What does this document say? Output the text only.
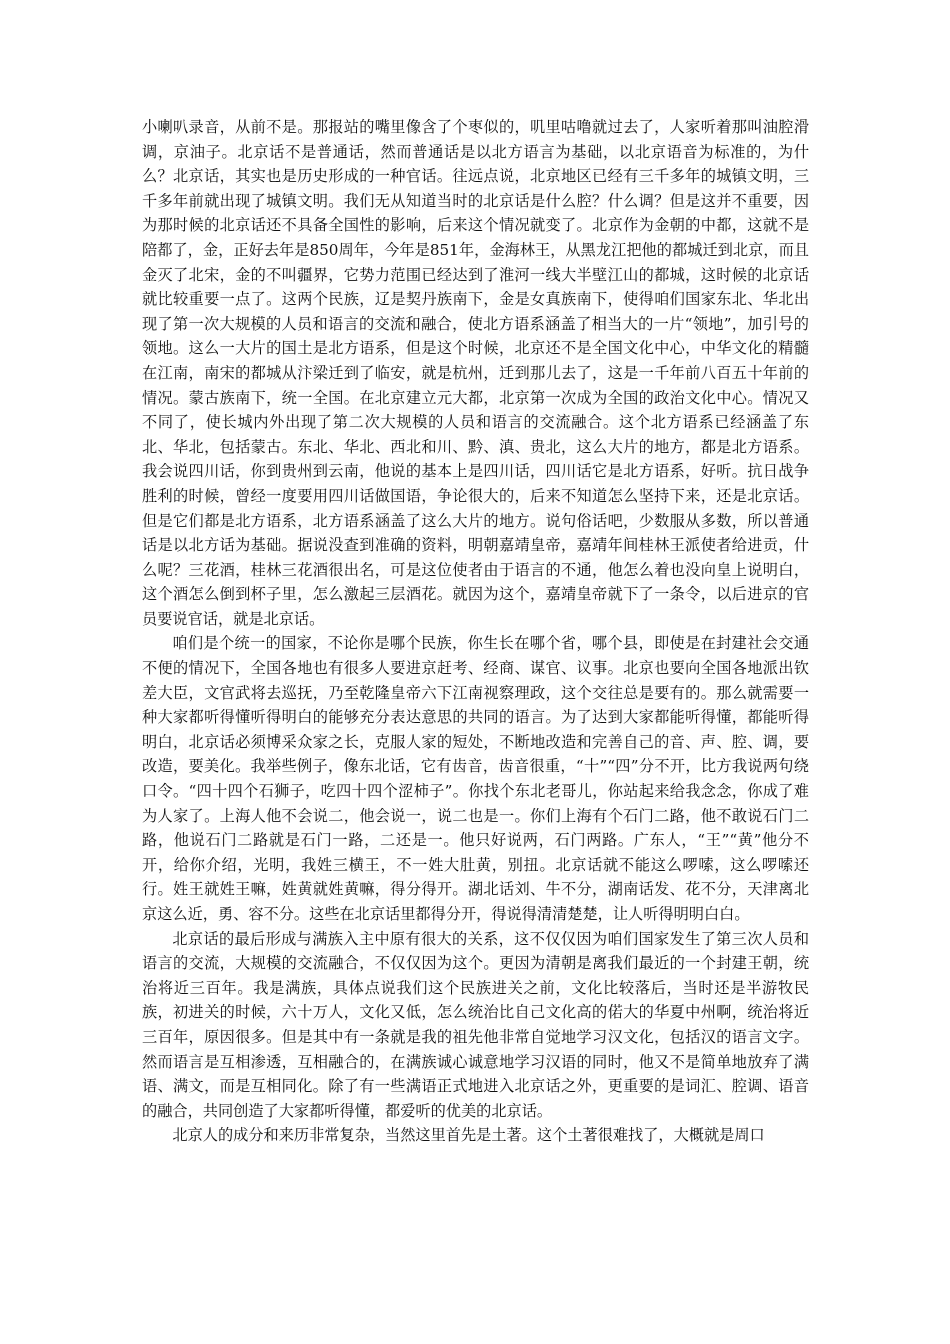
小喇叭录音，从前不是。那报站的嘴里像含了个枣似的，叽里咕噜就过去了，人家听着那叫油腔滑调，京油子。北京话不是普通话，然而普通话是以北方语言为基础，以北京语音为标准的，为什么？北京话，其实也是历史形成的一种官话。往远点说，北京地区已经有三千多年的城镇文明，三千多年前就出现了城镇文明。我们无从知道当时的北京话是什么腔？什么调？但是这并不重要，因为那时候的北京话还不具备全国性的影响，后来这个情况就变了。北京作为金朝的中都，这就不是陪都了，金，正好去年是850周年，今年是851年，金海林王，从黑龙江把他的都城迁到北京，而且金灭了北宋，金的不叫疆界，它势力范围已经达到了淮河一线大半壁江山的都城，这时候的北京话就比较重要一点了。这两个民族，辽是契丹族南下，金是女真族南下，使得咱们国家东北、华北出现了第一次大规模的人员和语言的交流和融合，使北方语系涵盖了相当大的一片“领地”，加引号的领地。这么一大片的国土是北方语系，但是这个时候，北京还不是全国文化中心，中华文化的精髓在江南，南宋的都城从汴梁迁到了临安，就是杭州，迁到那儿去了，这是一千年前八百五十年前的情况。蒙古族南下，统一全国。在北京建立元大都，北京第一次成为全国的政治文化中心。情况又不同了，使长城内外出现了第二次大规模的人员和语言的交流融合。这个北方语系已经涵盖了东北、华北，包括蒙古。东北、华北、西北和川、黔、滇、贵北，这么大片的地方，都是北方语系。我会说四川话，你到贵州到云南，他说的基本上是四川话，四川话它是北方语系，好听。抗日战争胜利的时候，曾经一度要用四川话做国语，争论很大的，后来不知道怎么坚持下来，还是北京话。但是它们都是北方语系，北方语系涵盖了这么大片的地方。说句俗话吧，少数服从多数，所以普通话是以北方话为基础。据说没查到准确的资料，明朝嘉靖皇帝，嘉靖年间桂林王派使者给进贡，什么呢？三花酒，桂林三花酒很出名，可是这位使者由于语言的不通，他怎么着也没向皇上说明白，这个酒怎么倒到杯子里，怎么激起三层酒花。就因为这个，嘉靖皇帝就下了一条令，以后进京的官员要说官话，就是北京话。

咱们是个统一的国家，不论你是哪个民族，你生长在哪个省，哪个县，即使是在封建社会交通不便的情况下，全国各地也有很多人要进京赶考、经商、谋官、议事。北京也要向全国各地派出钦差大臣，文官武将去巡抚，乃至乾隆皇帝六下江南视察理政，这个交往总是要有的。那么就需要一种大家都听得懂听得明白的能够充分表达意思的共同的语言。为了达到大家都能听得懂，都能听得明白，北京话必须博采众家之长，克服人家的短处，不断地改造和完善自己的音、声、腔、调，要改造，要美化。我举些例子，像东北话，它有齿音，齿音很重，“十”“四”分不开，比方我说两句绕口令。“四十四个石狮子，吃四十四个涩柿子”。你找个东北老哥儿，你站起来给我念念，你成了难为人家了。上海人他不会说二，他会说一，说二也是一。你们上海有个石门二路，他不敢说石门二路，他说石门二路就是石门一路，二还是一。他只好说两，石门两路。广东人，“王”“黄”他分不开，给你介绍，光明，我姓三横王，不一姓大肚黄，别扭。北京话就不能这么啰嗦，这么啰嗦还行。姓王就姓王嘛，姓黄就姓黄嘛，得分得开。湖北话刘、牛不分，湖南话发、花不分，天津离北京这么近，勇、容不分。这些在北京话里都得分开，得说得清清楚楚，让人听得明明白白。

北京话的最后形成与满族入主中原有很大的关系，这不仅仅因为咱们国家发生了第三次人员和语言的交流，大规模的交流融合，不仅仅因为这个。更因为清朝是离我们最近的一个封建王朝，统治将近三百年。我是满族，具体点说我们这个民族进关之前，文化比较落后，当时还是半游牧民族，初进关的时候，六十万人，文化又低，怎么统治比自己文化高的偌大的华夏中州啊，统治将近三百年，原因很多。但是其中有一条就是我的祖先他非常自觉地学习汉文化，包括汉的语言文字。然而语言是互相渗透，互相融合的，在满族诚心诚意地学习汉语的同时，他又不是简单地放弃了满语、满文，而是互相同化。除了有一些满语正式地进入北京话之外，更重要的是词汇、腔调、语音的融合，共同创造了大家都听得懂，都爱听的优美的北京话。

北京人的成分和来历非常复杂，当然这里首先是土著。这个土著很难找了，大概就是周口
